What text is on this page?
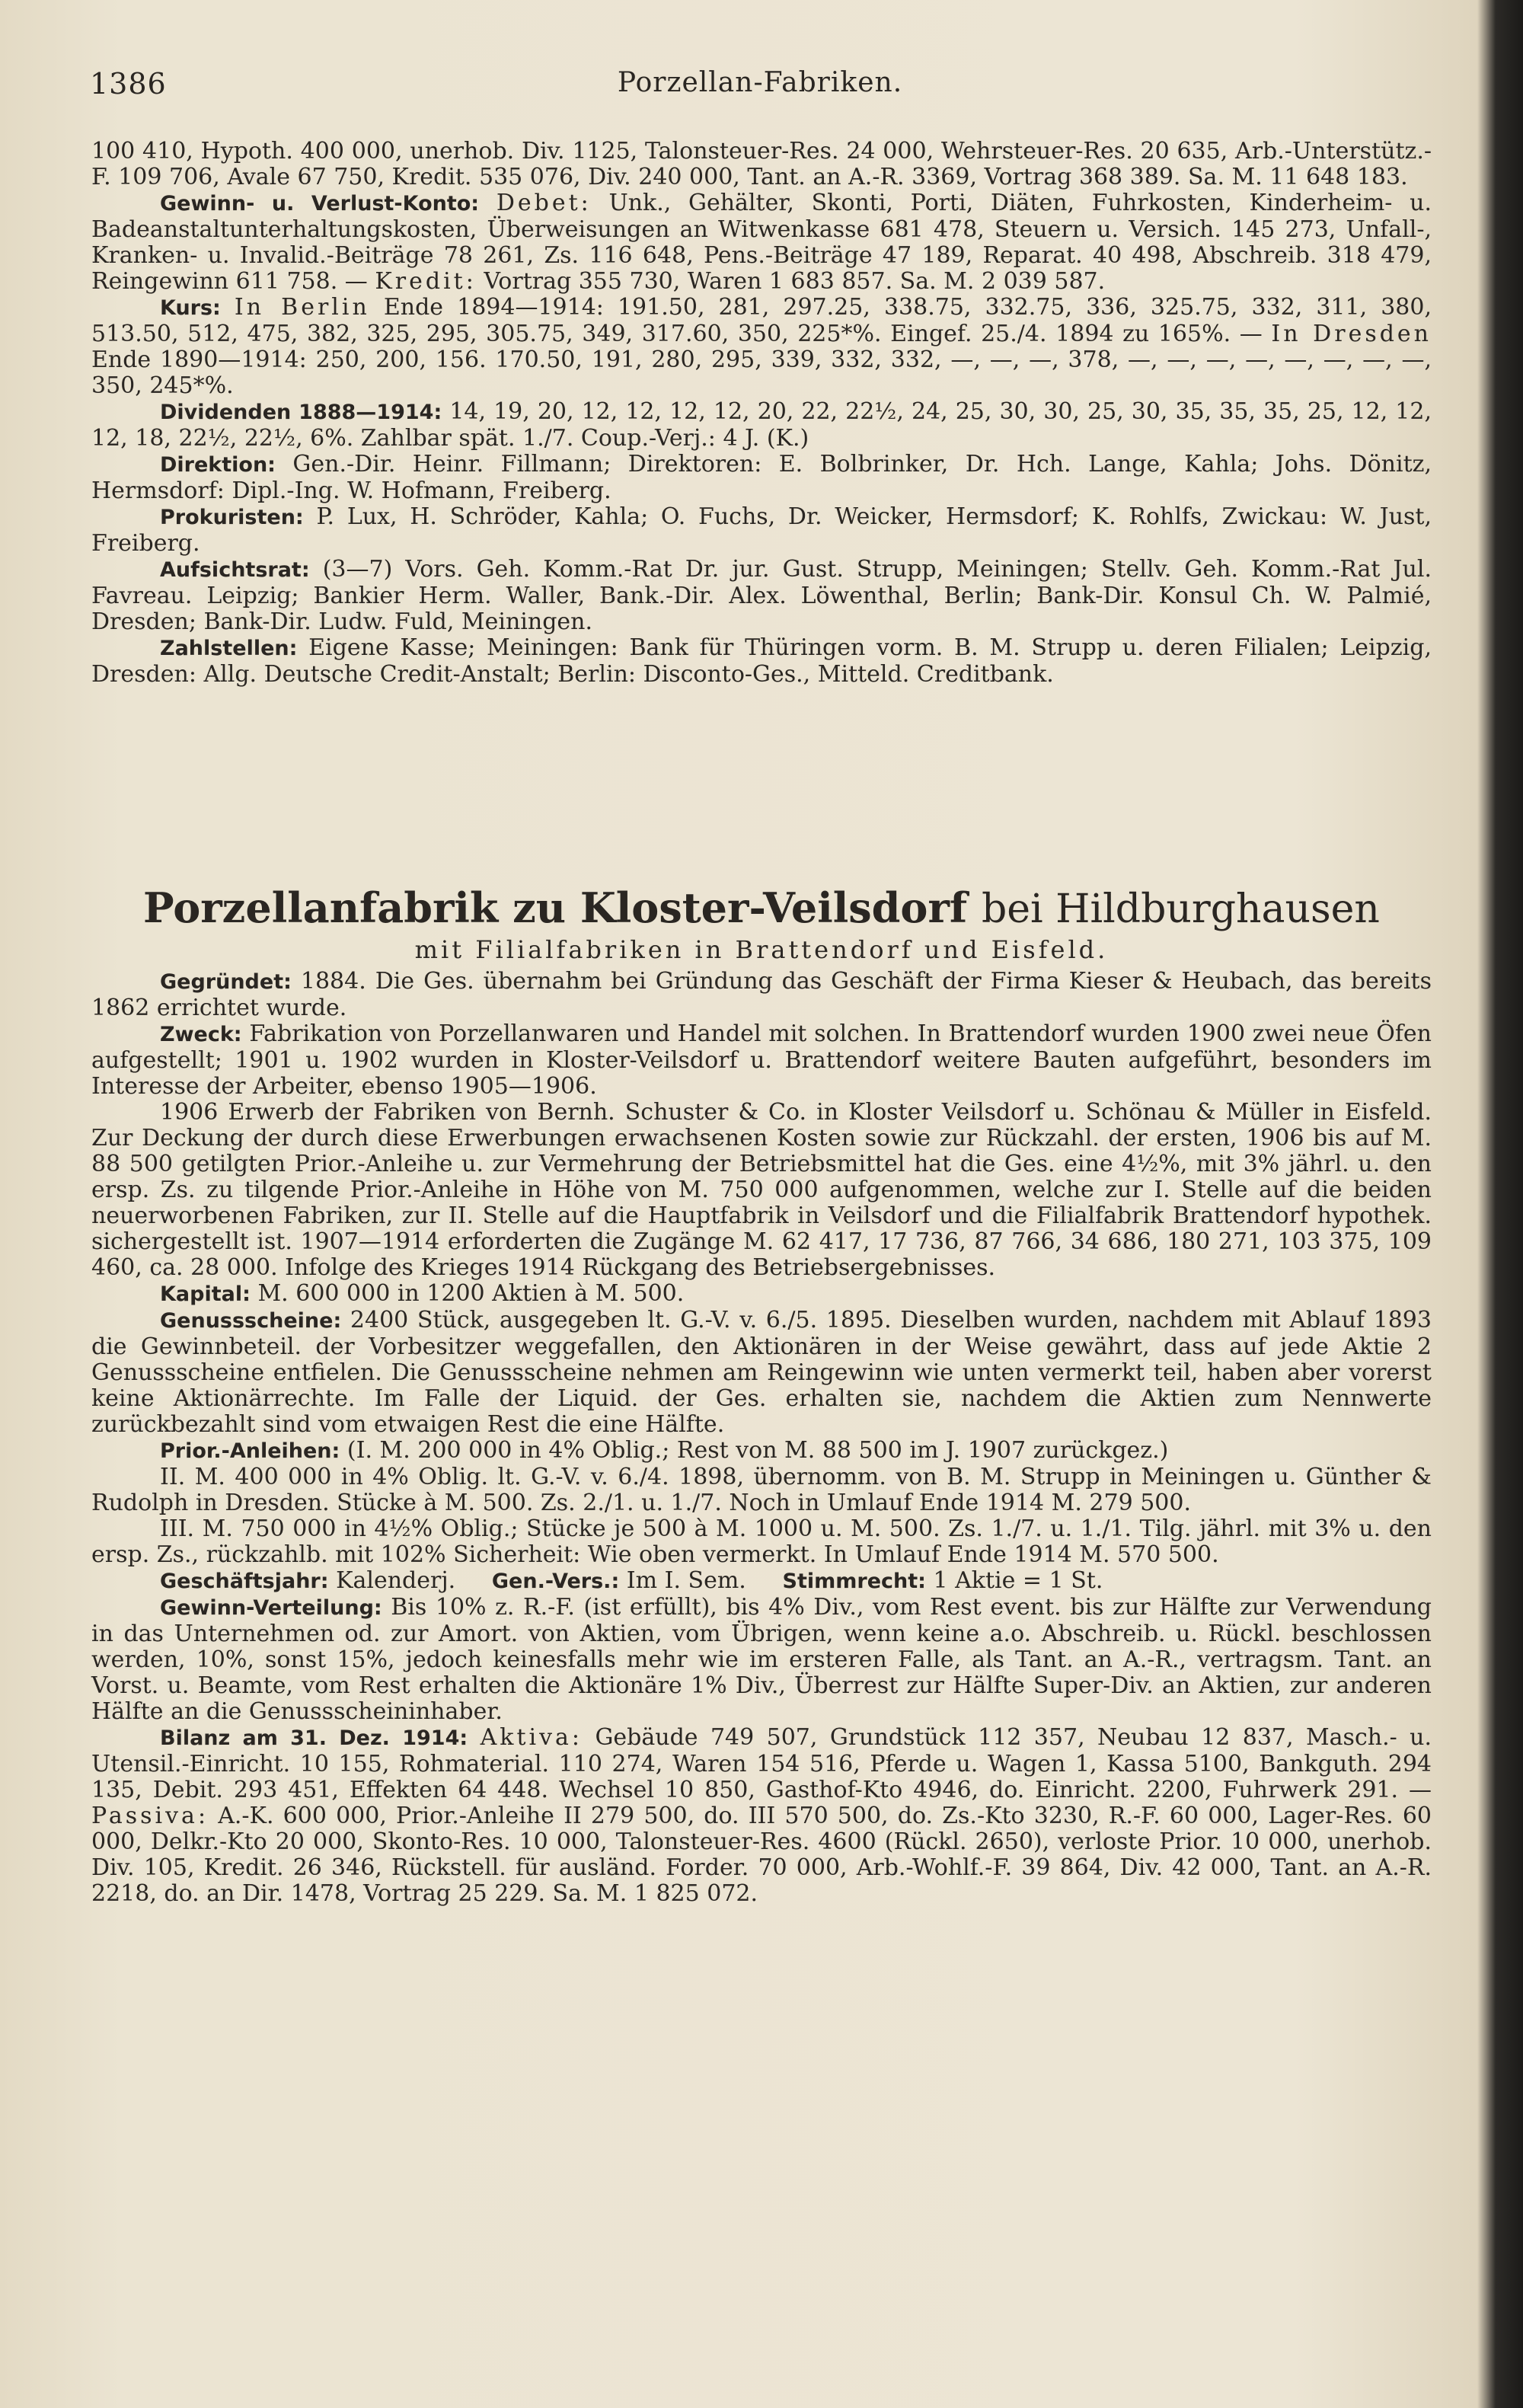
1386	Porzellan-Fabriken.

100 410, Hypoth. 400 000, unerhob. Div. 1125, Talonsteuer-Res. 24 000, Wehrsteuer-Res. 20 635, Arb.-Unterstütz.-F. 109 706, Avale 67 750, Kredit. 535 076, Div. 240 000, Tant. an A.-R. 3369, Vortrag 368 389. Sa. M. 11 648 183.

Gewinn- u. Verlust-Konto: Debet: Unk., Gehälter, Skonti, Porti, Diäten, Fuhrkosten, Kinderheim- u. Badeanstaltunterhaltungskosten, Überweisungen an Witwenkasse 681 478, Steuern u. Versich. 145 273, Unfall-, Kranken- u. Invalid.-Beiträge 78 261, Zs. 116 648, Pens.-Beiträge 47 189, Reparat. 40 498, Abschreib. 318 479, Reingewinn 611 758. — Kredit: Vortrag 355 730, Waren 1 683 857. Sa. M. 2 039 587.

Kurs: In Berlin Ende 1894—1914: 191.50, 281, 297.25, 338.75, 332.75, 336, 325.75, 332, 311, 380, 513.50, 512, 475, 382, 325, 295, 305.75, 349, 317.60, 350, 225*%. Eingef. 25./4. 1894 zu 165%. — In Dresden Ende 1890—1914: 250, 200, 156. 170.50, 191, 280, 295, 339, 332, 332, —, —, —, 378, —, —, —, —, —, —, —, —, 350, 245*%.

Dividenden 1888—1914: 14, 19, 20, 12, 12, 12, 12, 20, 22, 22½, 24, 25, 30, 30, 25, 30, 35, 35, 35, 25, 12, 12, 12, 18, 22½, 22½, 6%. Zahlbar spät. 1./7. Coup.-Verj.: 4 J. (K.)

Direktion: Gen.-Dir. Heinr. Fillmann; Direktoren: E. Bolbrinker, Dr. Hch. Lange, Kahla; Johs. Dönitz, Hermsdorf: Dipl.-Ing. W. Hofmann, Freiberg.

Prokuristen: P. Lux, H. Schröder, Kahla; O. Fuchs, Dr. Weicker, Hermsdorf; K. Rohlfs, Zwickau: W. Just, Freiberg.

Aufsichtsrat: (3—7) Vors. Geh. Komm.-Rat Dr. jur. Gust. Strupp, Meiningen; Stellv. Geh. Komm.-Rat Jul. Favreau. Leipzig; Bankier Herm. Waller, Bank.-Dir. Alex. Löwenthal, Berlin; Bank-Dir. Konsul Ch. W. Palmié, Dresden; Bank-Dir. Ludw. Fuld, Meiningen.

Zahlstellen: Eigene Kasse; Meiningen: Bank für Thüringen vorm. B. M. Strupp u. deren Filialen; Leipzig, Dresden: Allg. Deutsche Credit-Anstalt; Berlin: Disconto-Ges., Mitteld. Creditbank.

Porzellanfabrik zu Kloster-Veilsdorf bei Hildburghausen
mit Filialfabriken in Brattendorf und Eisfeld.

Gegründet: 1884. Die Ges. übernahm bei Gründung das Geschäft der Firma Kieser & Heubach, das bereits 1862 errichtet wurde.

Zweck: Fabrikation von Porzellanwaren und Handel mit solchen. In Brattendorf wurden 1900 zwei neue Öfen aufgestellt; 1901 u. 1902 wurden in Kloster-Veilsdorf u. Brattendorf weitere Bauten aufgeführt, besonders im Interesse der Arbeiter, ebenso 1905—1906.

1906 Erwerb der Fabriken von Bernh. Schuster & Co. in Kloster Veilsdorf u. Schönau & Müller in Eisfeld. Zur Deckung der durch diese Erwerbungen erwachsenen Kosten sowie zur Rückzahl. der ersten, 1906 bis auf M. 88 500 getilgten Prior.-Anleihe u. zur Vermehrung der Betriebsmittel hat die Ges. eine 4½%, mit 3% jährl. u. den ersp. Zs. zu tilgende Prior.-Anleihe in Höhe von M. 750 000 aufgenommen, welche zur I. Stelle auf die beiden neuerworbenen Fabriken, zur II. Stelle auf die Hauptfabrik in Veilsdorf und die Filialfabrik Brattendorf hypothek. sichergestellt ist. 1907—1914 erforderten die Zugänge M. 62 417, 17 736, 87 766, 34 686, 180 271, 103 375, 109 460, ca. 28 000. Infolge des Krieges 1914 Rückgang des Betriebsergebnisses.

Kapital: M. 600 000 in 1200 Aktien à M. 500.

Genussscheine: 2400 Stück, ausgegeben lt. G.-V. v. 6./5. 1895. Dieselben wurden, nachdem mit Ablauf 1893 die Gewinnbeteil. der Vorbesitzer weggefallen, den Aktionären in der Weise gewährt, dass auf jede Aktie 2 Genussscheine entfielen. Die Genussscheine nehmen am Reingewinn wie unten vermerkt teil, haben aber vorerst keine Aktionärrechte. Im Falle der Liquid. der Ges. erhalten sie, nachdem die Aktien zum Nennwerte zurückbezahlt sind vom etwaigen Rest die eine Hälfte.

Prior.-Anleihen: (I. M. 200 000 in 4% Oblig.; Rest von M. 88 500 im J. 1907 zurückgez.)

II. M. 400 000 in 4% Oblig. lt. G.-V. v. 6./4. 1898, übernomm. von B. M. Strupp in Meiningen u. Günther & Rudolph in Dresden. Stücke à M. 500. Zs. 2./1. u. 1./7. Noch in Umlauf Ende 1914 M. 279 500.

III. M. 750 000 in 4½% Oblig.; Stücke je 500 à M. 1000 u. M. 500. Zs. 1./7. u. 1./1. Tilg. jährl. mit 3% u. den ersp. Zs., rückzahlb. mit 102% Sicherheit: Wie oben vermerkt. In Umlauf Ende 1914 M. 570 500.

Geschäftsjahr: Kalenderj. Gen.-Vers.: Im I. Sem. Stimmrecht: 1 Aktie = 1 St.

Gewinn-Verteilung: Bis 10% z. R.-F. (ist erfüllt), bis 4% Div., vom Rest event. bis zur Hälfte zur Verwendung in das Unternehmen od. zur Amort. von Aktien, vom Übrigen, wenn keine a.o. Abschreib. u. Rückl. beschlossen werden, 10%, sonst 15%, jedoch keinesfalls mehr wie im ersteren Falle, als Tant. an A.-R., vertragsm. Tant. an Vorst. u. Beamte, vom Rest erhalten die Aktionäre 1% Div., Überrest zur Hälfte Super-Div. an Aktien, zur anderen Hälfte an die Genussscheininhaber.

Bilanz am 31. Dez. 1914: Aktiva: Gebäude 749 507, Grundstück 112 357, Neubau 12 837, Masch.- u. Utensil.-Einricht. 10 155, Rohmaterial. 110 274, Waren 154 516, Pferde u. Wagen 1, Kassa 5100, Bankguth. 294 135, Debit. 293 451, Effekten 64 448. Wechsel 10 850, Gasthof-Kto 4946, do. Einricht. 2200, Fuhrwerk 291. — Passiva: A.-K. 600 000, Prior.-Anleihe II 279 500, do. III 570 500, do. Zs.-Kto 3230, R.-F. 60 000, Lager-Res. 60 000, Delkr.-Kto 20 000, Skonto-Res. 10 000, Talonsteuer-Res. 4600 (Rückl. 2650), verloste Prior. 10 000, unerhob. Div. 105, Kredit. 26 346, Rückstell. für ausländ. Forder. 70 000, Arb.-Wohlf.-F. 39 864, Div. 42 000, Tant. an A.-R. 2218, do. an Dir. 1478, Vortrag 25 229. Sa. M. 1 825 072.
